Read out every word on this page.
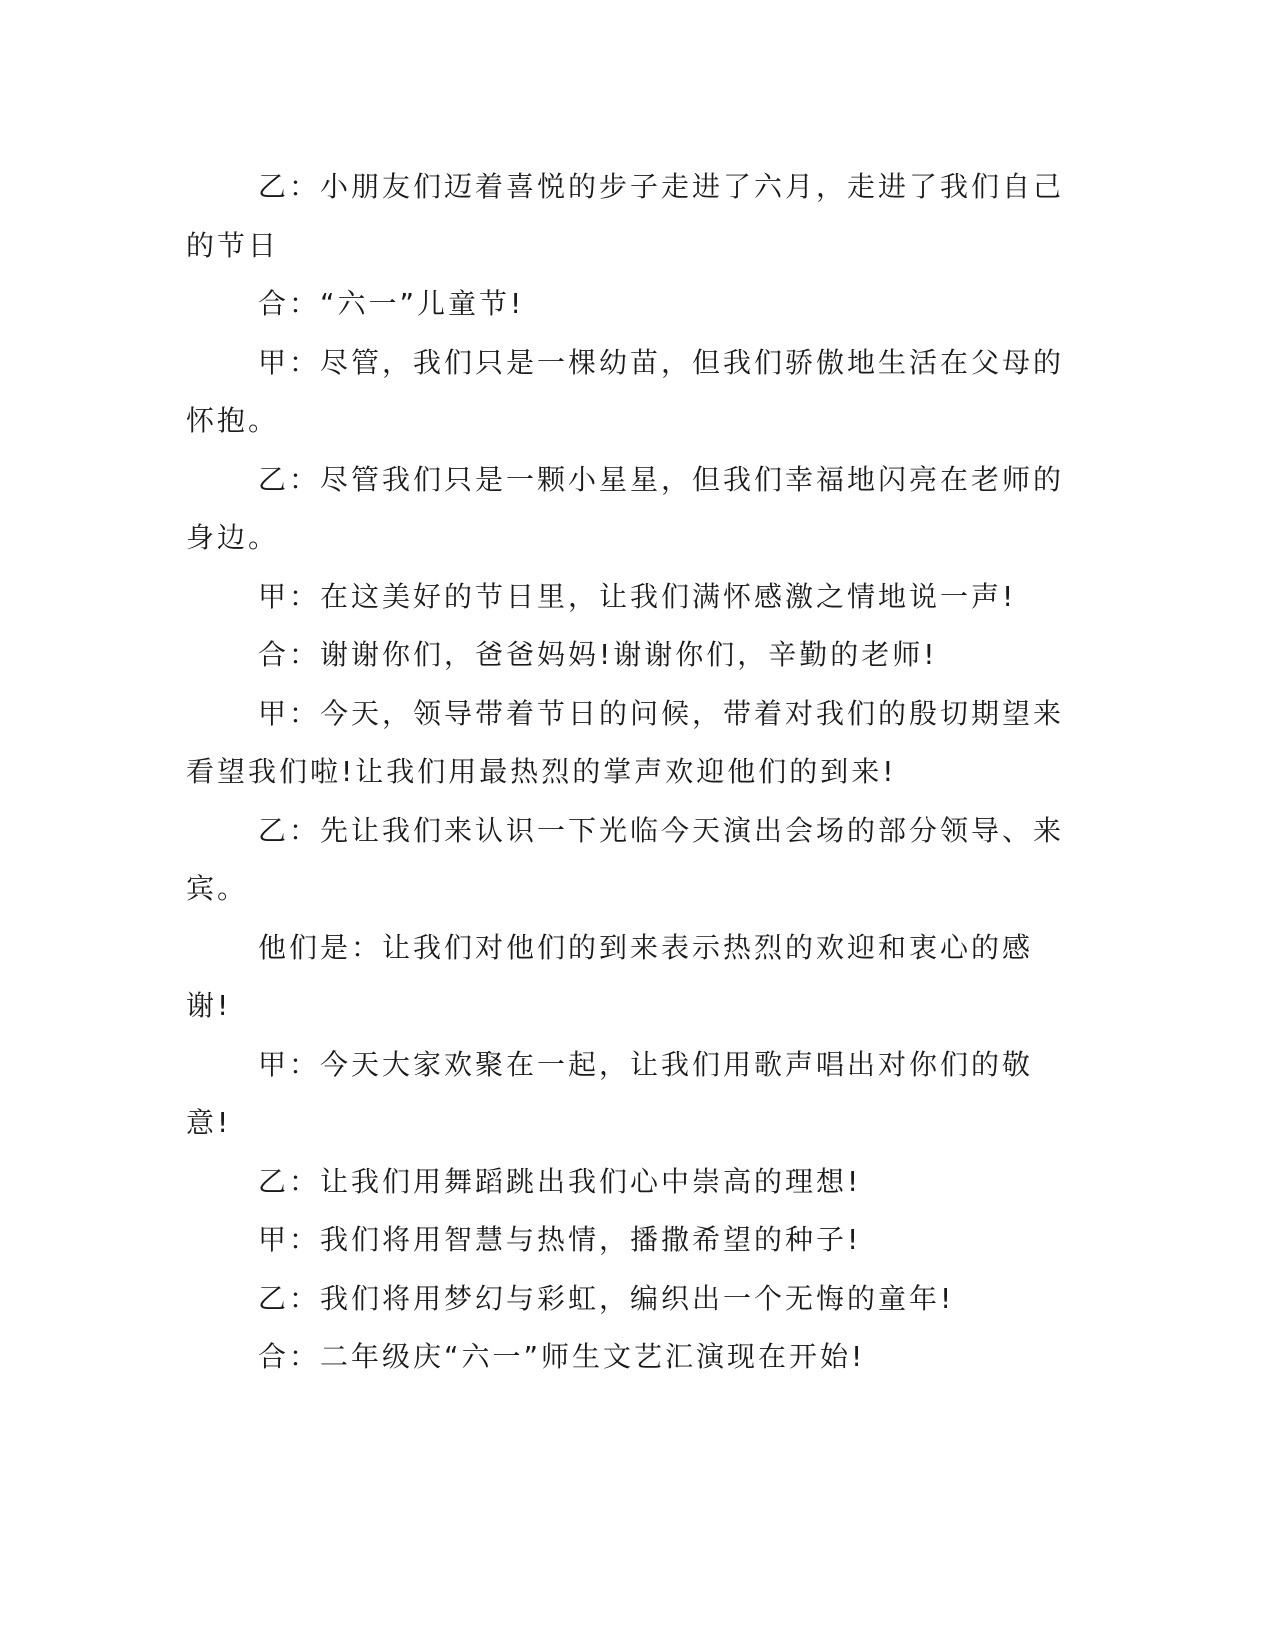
乙：小朋友们迈着喜悦的步子走进了六月，走进了我们自己的节日

合：“六一”儿童节!

甲：尽管，我们只是一棵幼苗，但我们骄傲地生活在父母的怀抱。

乙：尽管我们只是一颗小星星，但我们幸福地闪亮在老师的身边。

甲：在这美好的节日里，让我们满怀感激之情地说一声!

合：谢谢你们，爸爸妈妈!谢谢你们，辛勤的老师!

甲：今天，领导带着节日的问候，带着对我们的殷切期望来看望我们啦!让我们用最热烈的掌声欢迎他们的到来!

乙：先让我们来认识一下光临今天演出会场的部分领导、来宾。

他们是：让我们对他们的到来表示热烈的欢迎和衷心的感谢!

甲：今天大家欢聚在一起，让我们用歌声唱出对你们的敬意!

乙：让我们用舞蹈跳出我们心中崇高的理想!

甲：我们将用智慧与热情，播撒希望的种子!

乙：我们将用梦幻与彩虹，编织出一个无悔的童年!

合：二年级庆“六一”师生文艺汇演现在开始!
